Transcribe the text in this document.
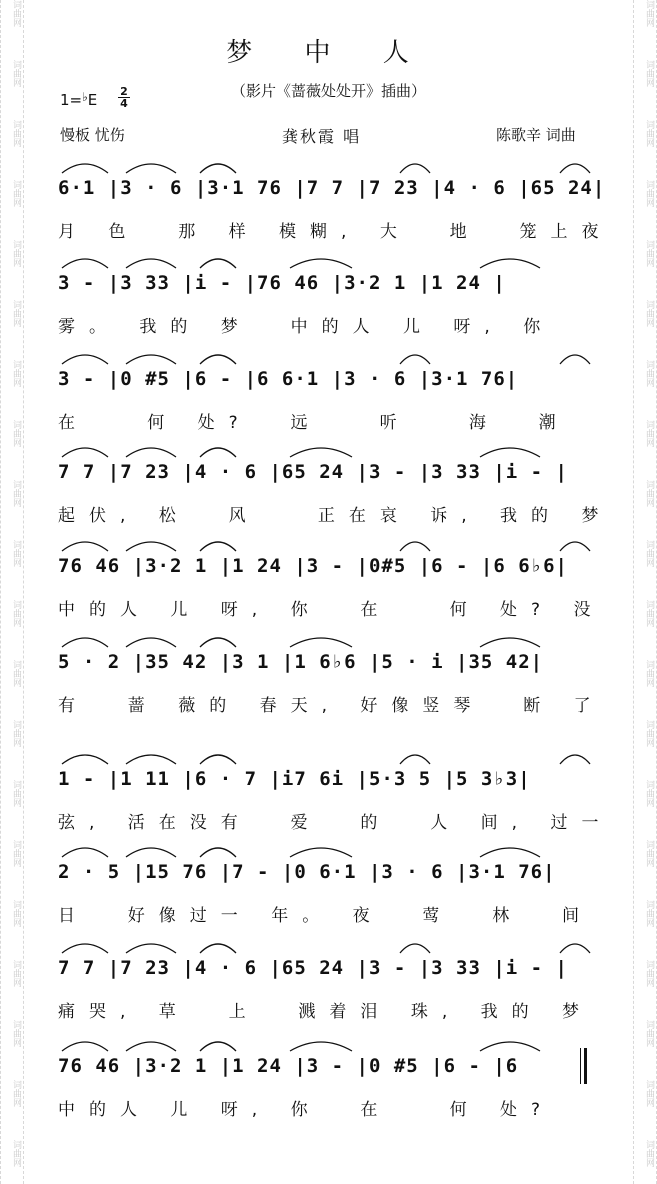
词曲网
词曲网
词曲网
词曲网
词曲网
词曲网
词曲网
词曲网
词曲网
词曲网
词曲网
词曲网
词曲网
词曲网
词曲网
词曲网
词曲网
词曲网
词曲网
词曲网
词曲网
词曲网
词曲网
词曲网
词曲网
词曲网
词曲网
词曲网
词曲网
词曲网
词曲网
词曲网
词曲网
词曲网
词曲网
词曲网
词曲网
词曲网
词曲网
词曲网
梦 中 人
（影片《蔷薇处处开》插曲）
1=♭E 2
4
慢板 忧伤	龚秋霞 唱	陈歌辛 词曲
6·1 |3 · 6 |3·1 76 |7 7 |7 23 |4 · 6 |65 24|
月 色  那 样 模糊, 大  地  笼上夜
3 - |3 33 |i - |76 46 |3·2 1 |1 24 |
雾。 我的 梦  中的人 儿 呀, 你
3 - |0 #5 |6 - |6 6·1 |3 · 6 |3·1 76|
在   何 处?  远   听   海  潮
7 7 |7 23 |4 · 6 |65 24 |3 - |3 33 |i - |
起伏, 松  风   正在哀 诉, 我的 梦
76 46 |3·2 1 |1 24 |3 - |0#5 |6 - |6 6♭6|
中的人 儿 呀, 你  在   何 处? 没
5 · 2 |35 42 |3 1 |1 6♭6 |5 · i |35 42|
有  蔷 薇的 春天, 好像竖琴  断 了
1 - |1 11 |6 · 7 |i7 6i |5·3 5 |5 3♭3|
弦, 活在没有  爱  的  人 间, 过一
2 · 5 |15 76 |7 - |0 6·1 |3 · 6 |3·1 76|
日  好像过一 年。 夜  莺  林  间
7 7 |7 23 |4 · 6 |65 24 |3 - |3 33 |i - |
痛哭, 草  上  溅着泪 珠, 我的 梦
76 46 |3·2 1 |1 24 |3 - |0 #5 |6 - |6
中的人 儿 呀, 你  在   何 处?
